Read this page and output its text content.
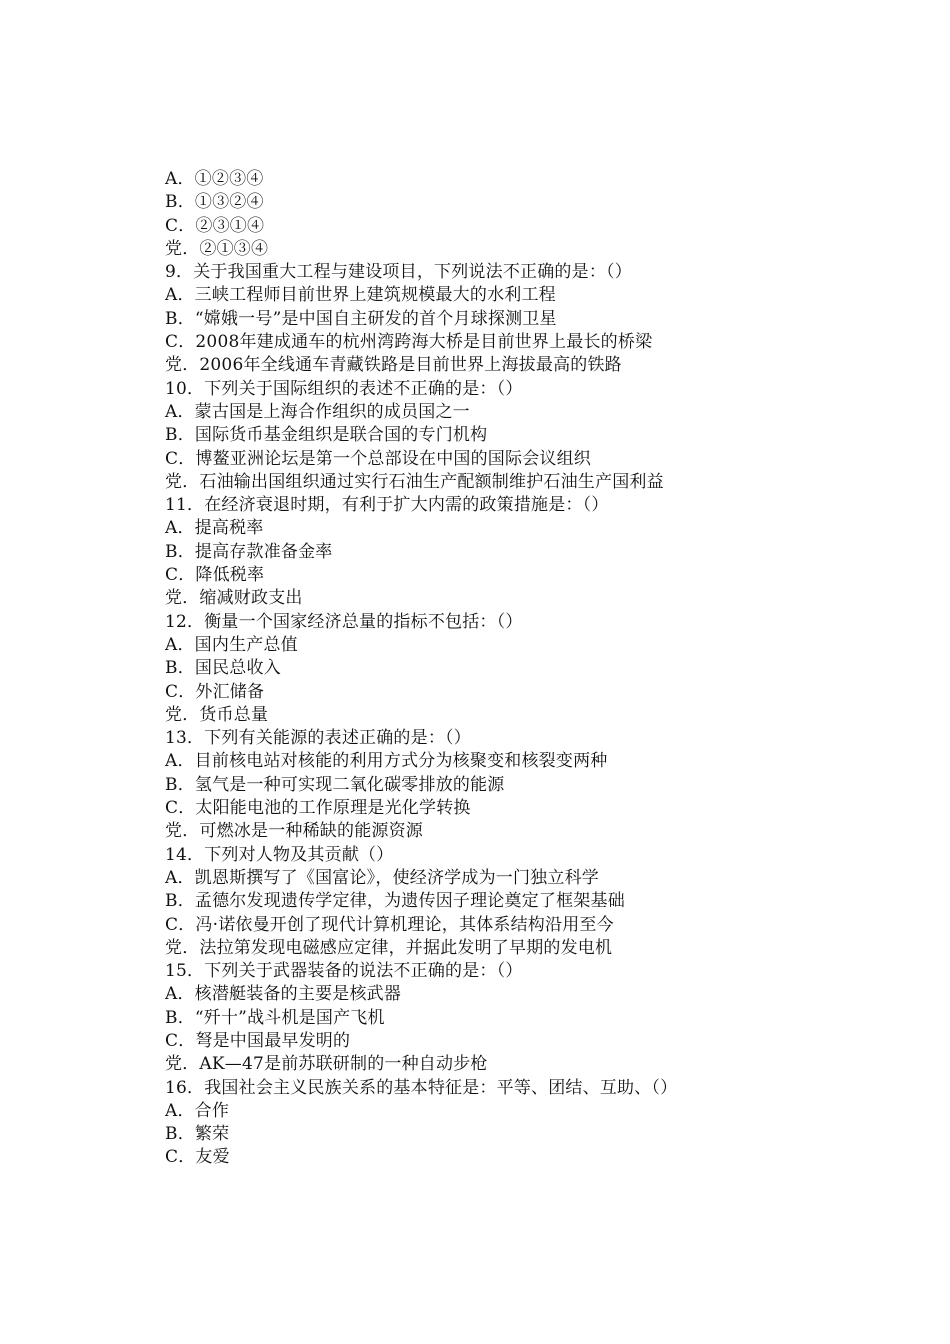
A．①②③④
B．①③②④
C．②③①④
党．②①③④
9．关于我国重大工程与建设项目，下列说法不正确的是：（）
A．三峡工程师目前世界上建筑规模最大的水利工程
B．“嫦娥一号”是中国自主研发的首个月球探测卫星
C．2008年建成通车的杭州湾跨海大桥是目前世界上最长的桥梁
党．2006年全线通车青藏铁路是目前世界上海拔最高的铁路
10．下列关于国际组织的表述不正确的是：（）
A．蒙古国是上海合作组织的成员国之一
B．国际货币基金组织是联合国的专门机构
C．博鳌亚洲论坛是第一个总部设在中国的国际会议组织
党．石油输出国组织通过实行石油生产配额制维护石油生产国利益
11．在经济衰退时期，有利于扩大内需的政策措施是：（）
A．提高税率
B．提高存款准备金率
C．降低税率
党．缩减财政支出
12．衡量一个国家经济总量的指标不包括：（）
A．国内生产总值
B．国民总收入
C．外汇储备
党．货币总量
13．下列有关能源的表述正确的是：（）
A．目前核电站对核能的利用方式分为核聚变和核裂变两种
B．氢气是一种可实现二氧化碳零排放的能源
C．太阳能电池的工作原理是光化学转换
党．可燃冰是一种稀缺的能源资源
14．下列对人物及其贡献（）
A．凯恩斯撰写了《国富论》，使经济学成为一门独立科学
B．孟德尔发现遗传学定律，为遗传因子理论奠定了框架基础
C．冯·诺依曼开创了现代计算机理论，其体系结构沿用至今
党．法拉第发现电磁感应定律，并据此发明了早期的发电机
15．下列关于武器装备的说法不正确的是：（）
A．核潜艇装备的主要是核武器
B．“歼十”战斗机是国产飞机
C．弩是中国最早发明的
党．AK—47是前苏联研制的一种自动步枪
16．我国社会主义民族关系的基本特征是：平等、团结、互助、（）
A．合作
B．繁荣
C．友爱
